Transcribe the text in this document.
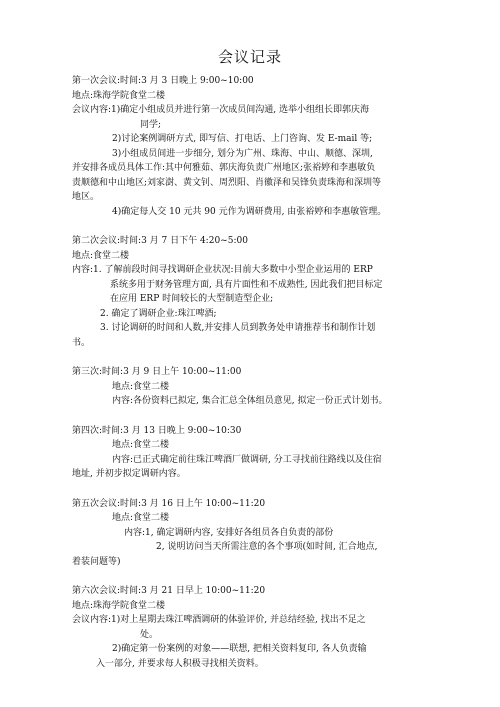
会议记录
第一次会议:时间:3 月 3 日晚上 9:00~10:00
地点:珠海学院食堂二楼
会议内容:1)确定小组成员并进行第一次成员间沟通, 选举小组组长即郭庆海
同学;
2)讨论案例调研方式, 即写信、打电话、上门咨询、发 E-mail 等;
3)小组成员间进一步细分, 划分为广州、珠海、中山、顺德、深圳,
并安排各成员具体工作:其中何雅茹、郭庆海负责广州地区;张裕婷和李惠敏负
责顺德和中山地区;刘家澍、黄文钊、周烈阳、肖徽泽和吴锋负责珠海和深圳等
地区。
4)确定每人交 10 元共 90 元作为调研费用, 由张裕婷和李惠敏管理。
第二次会议:时间:3 月 7 日下午 4:20~5:00
地点:食堂二楼
内容:1. 了解前段时间寻找调研企业状况:目前大多数中小型企业运用的 ERP
系统多用于财务管理方面, 具有片面性和不成熟性, 因此我们把目标定
在应用 ERP 时间较长的大型制造型企业;
2. 确定了调研企业:珠江啤酒;
3. 讨论调研的时间和人数,并安排人员到教务处申请推荐书和制作计划
书。
第三次:时间:3 月 9 日上午 10:00~11:00
地点:食堂二楼
内容:各份资料已拟定, 集合汇总全体组员意见, 拟定一份正式计划书。
第四次:时间:3 月 13 日晚上 9:00~10:30
地点:食堂二楼
内容:已正式确定前往珠江啤酒厂做调研, 分工寻找前往路线以及住宿
地址, 并初步拟定调研内容。
第五次会议:时间:3 月 16 日上午 10:00~11:20
地点:食堂二楼
内容:1, 确定调研内容, 安排好各组员各自负责的部份
2, 说明访问当天所需注意的各个事项(如时间, 汇合地点,
着装问题等)
第六次会议:时间:3 月 21 日早上 10:00~11:20
地点:珠海学院食堂二楼
会议内容:1)对上星期去珠江啤酒调研的体验评价, 并总结经验, 找出不足之
处。
2)确定第一份案例的对象——联想, 把相关资料复印, 各人负责输
入一部分, 并要求每人积极寻找相关资料。
